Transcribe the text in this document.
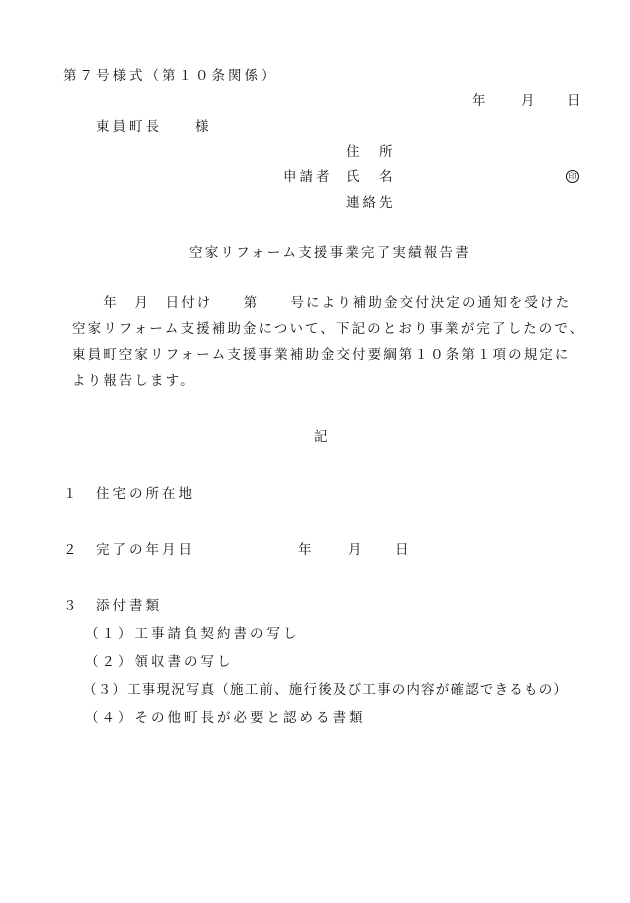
第７号様式（第１０条関係）
年 月 日
東員町長　　様
住　所
申請者 氏　名	印
連絡先
空家リフォーム支援事業完了実績報告書
　　年　月　日付け　　第　　号により補助金交付決定の通知を受けた
空家リフォーム支援補助金について、下記のとおり事業が完了したので、
東員町空家リフォーム支援事業補助金交付要綱第１０条第１項の規定に
より報告します。
記
１　住宅の所在地
２　完了の年月日	年 月 日
３　添付書類
（１）工事請負契約書の写し
（２）領収書の写し
（３）工事現況写真（施工前、施行後及び工事の内容が確認できるもの）
（４）その他町長が必要と認める書類
